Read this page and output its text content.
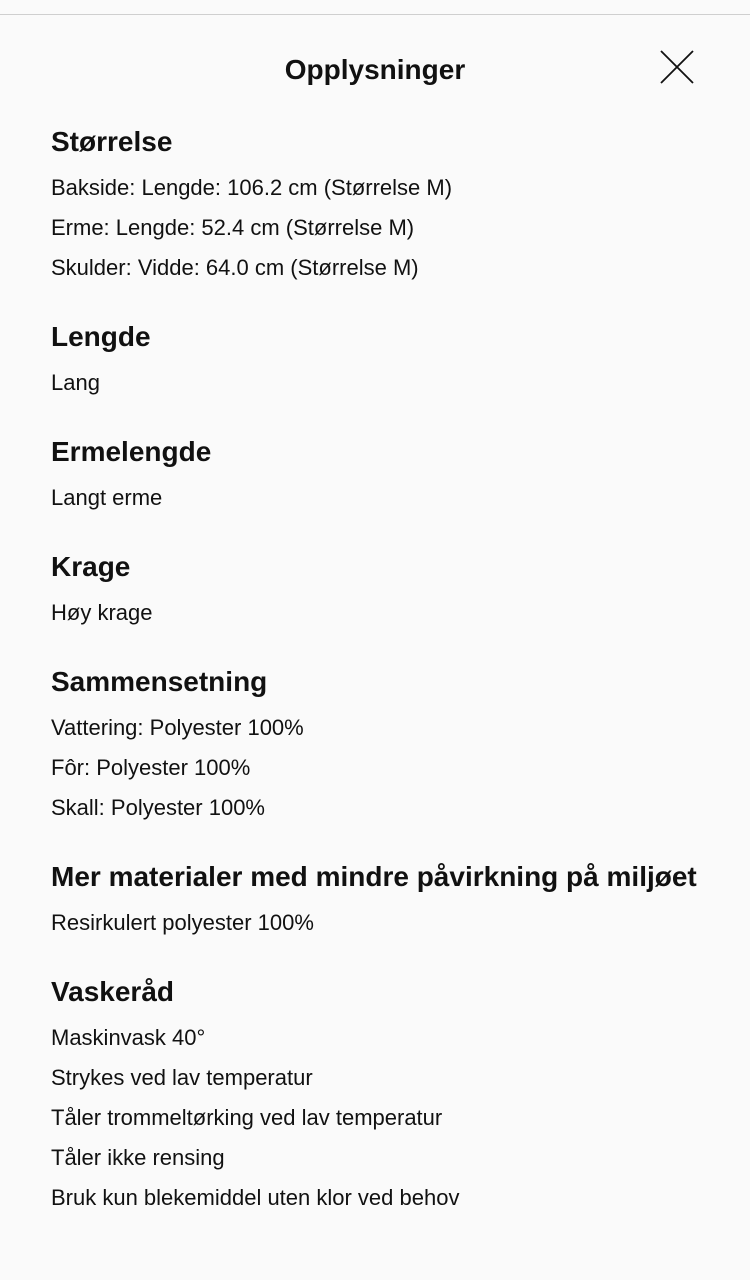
Opplysninger
Størrelse
Bakside: Lengde: 106.2 cm (Størrelse M)
Erme: Lengde: 52.4 cm (Størrelse M)
Skulder: Vidde: 64.0 cm (Størrelse M)
Lengde
Lang
Ermelengde
Langt erme
Krage
Høy krage
Sammensetning
Vattering: Polyester 100%
Fôr: Polyester 100%
Skall: Polyester 100%
Mer materialer med mindre påvirkning på miljøet
Resirkulert polyester 100%
Vaskeråd
Maskinvask 40°
Strykes ved lav temperatur
Tåler trommeltørking ved lav temperatur
Tåler ikke rensing
Bruk kun blekemiddel uten klor ved behov
